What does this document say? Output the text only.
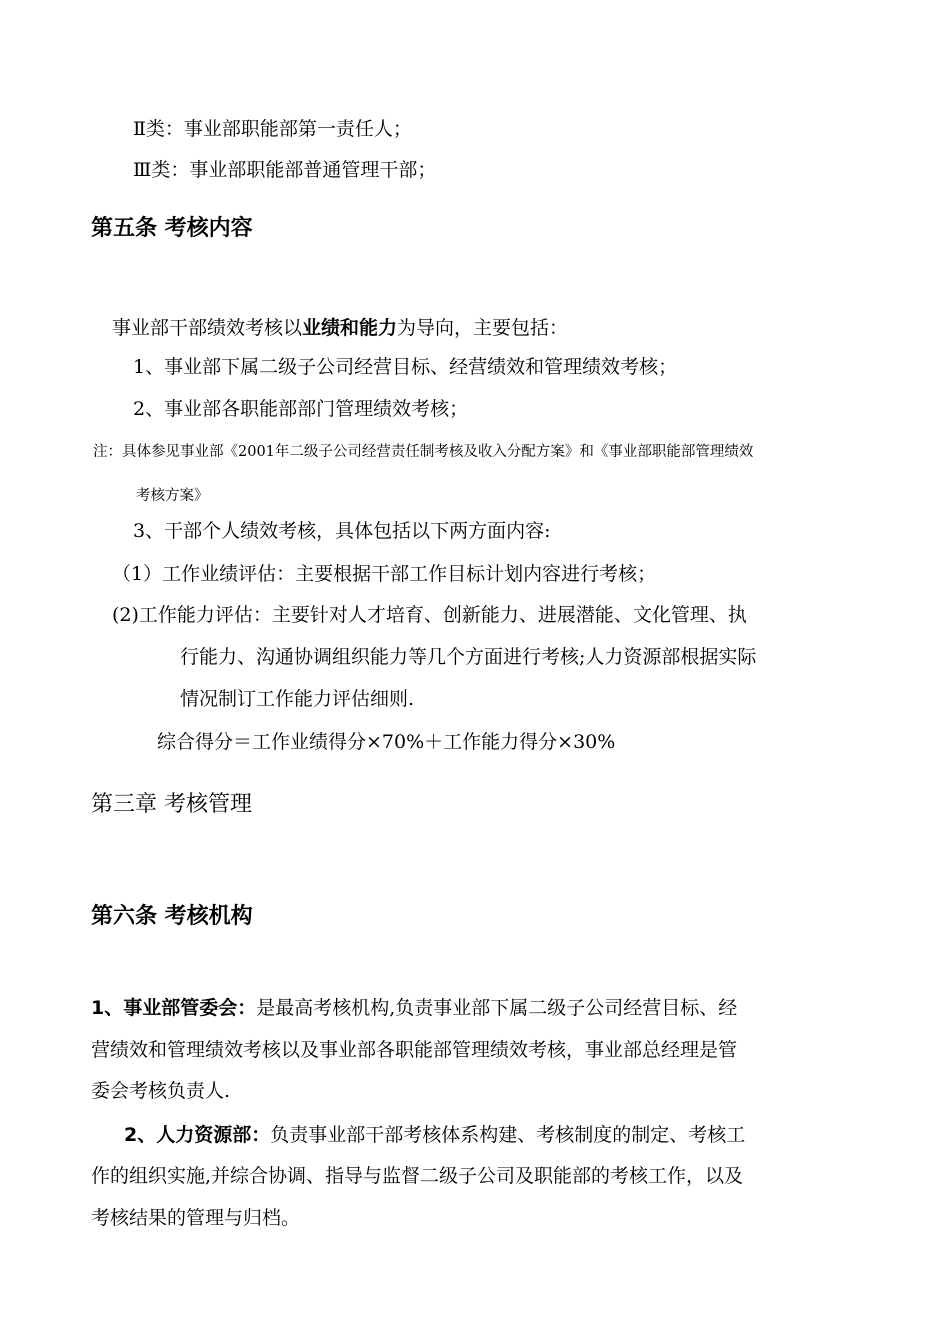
Ⅱ类：事业部职能部第一责任人；
Ⅲ类：事业部职能部普通管理干部；
第五条 考核内容
事业部干部绩效考核以业绩和能力为导向，主要包括：
1、事业部下属二级子公司经营目标、经营绩效和管理绩效考核；
2、事业部各职能部部门管理绩效考核；
注：具体参见事业部《2001年二级子公司经营责任制考核及收入分配方案》和《事业部职能部管理绩效
考核方案》
3、干部个人绩效考核，具体包括以下两方面内容:
（1）工作业绩评估：主要根据干部工作目标计划内容进行考核；
(2)工作能力评估：主要针对人才培育、创新能力、进展潜能、文化管理、执
行能力、沟通协调组织能力等几个方面进行考核;人力资源部根据实际
情况制订工作能力评估细则.
综合得分＝工作业绩得分×70%＋工作能力得分×30%
第三章 考核管理
第六条 考核机构
1、事业部管委会：是最高考核机构,负责事业部下属二级子公司经营目标、经
营绩效和管理绩效考核以及事业部各职能部管理绩效考核，事业部总经理是管
委会考核负责人.
2、人力资源部：负责事业部干部考核体系构建、考核制度的制定、考核工
作的组织实施,并综合协调、指导与监督二级子公司及职能部的考核工作，以及
考核结果的管理与归档。
